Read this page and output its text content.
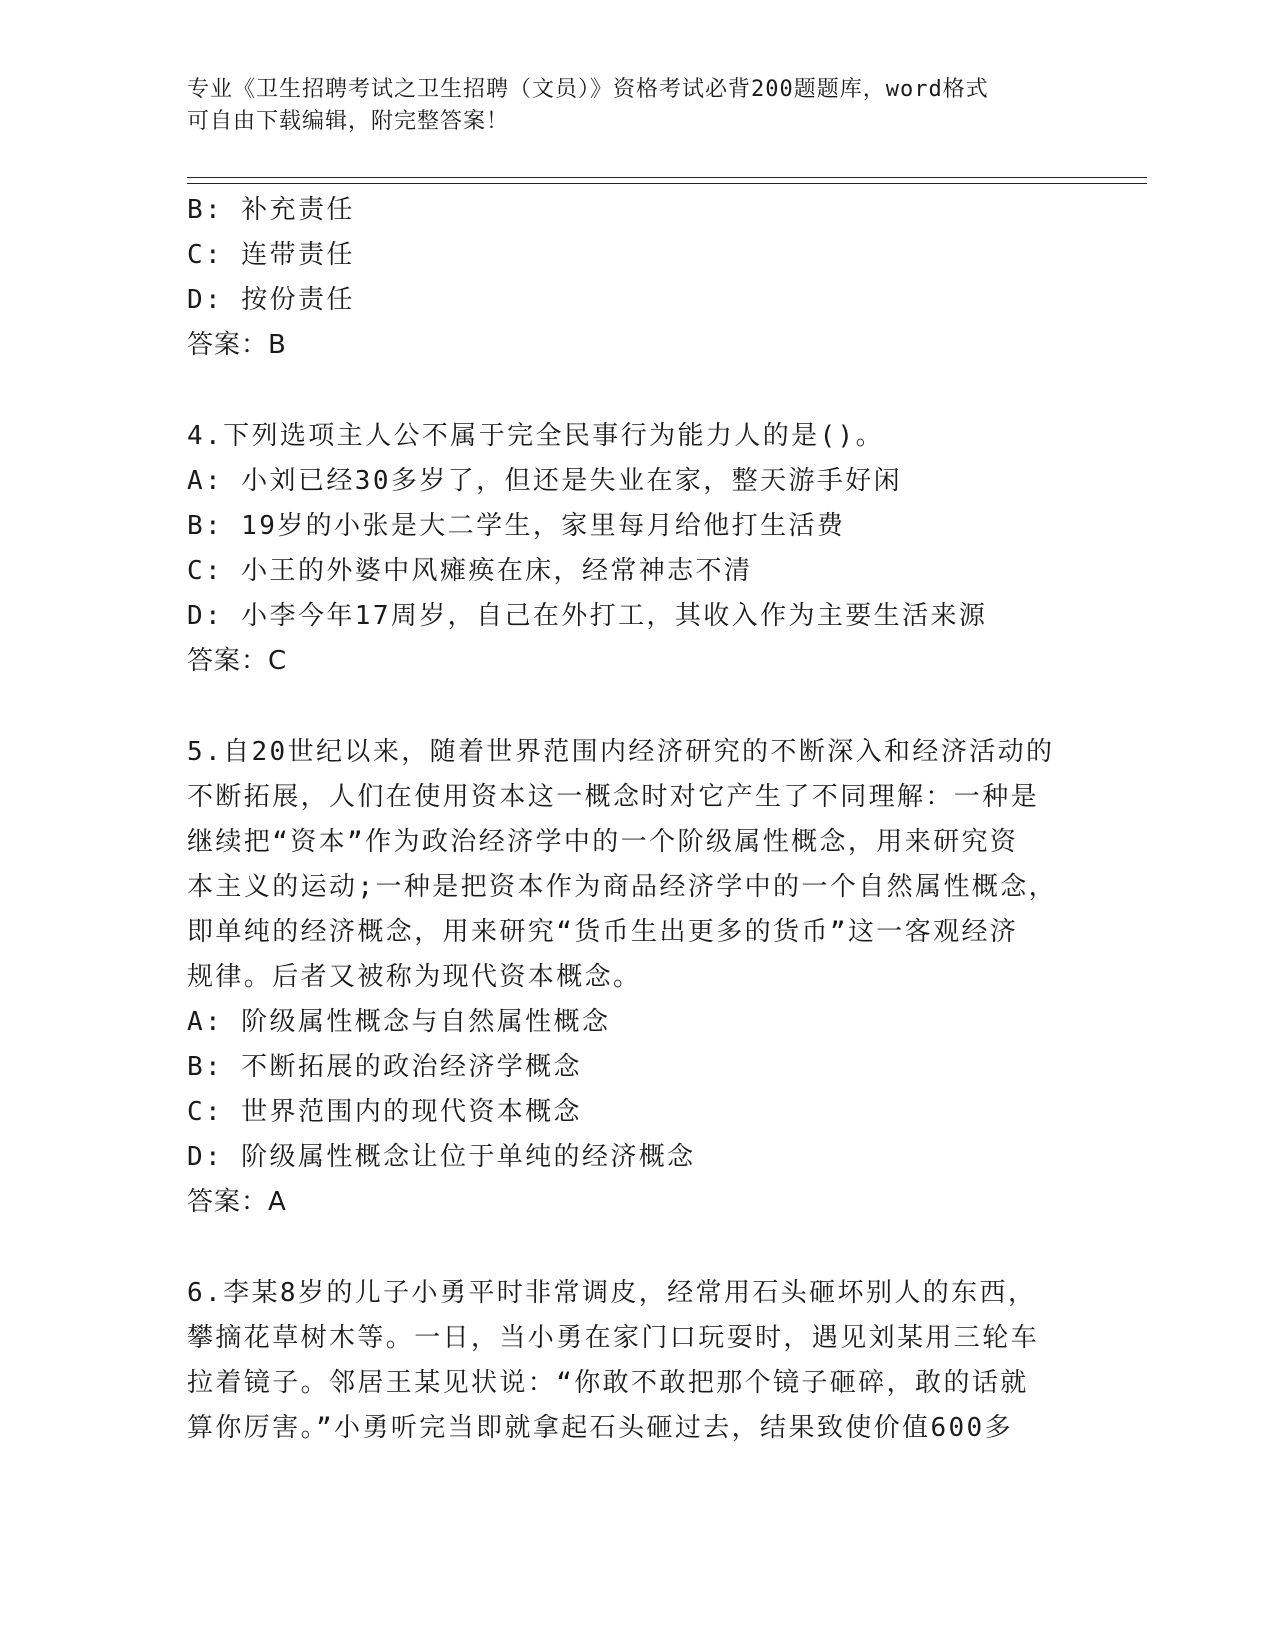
专业《卫生招聘考试之卫生招聘（文员）》资格考试必背200题题库，word格式
可自由下载编辑，附完整答案！
B: 补充责任
C: 连带责任
D: 按份责任
答案：B
4.下列选项主人公不属于完全民事行为能力人的是()。
A: 小刘已经30多岁了，但还是失业在家，整天游手好闲
B: 19岁的小张是大二学生，家里每月给他打生活费
C: 小王的外婆中风瘫痪在床，经常神志不清
D: 小李今年17周岁，自己在外打工，其收入作为主要生活来源
答案：C
5.自20世纪以来，随着世界范围内经济研究的不断深入和经济活动的
不断拓展，人们在使用资本这一概念时对它产生了不同理解：一种是
继续把“资本”作为政治经济学中的一个阶级属性概念，用来研究资
本主义的运动;一种是把资本作为商品经济学中的一个自然属性概念，
即单纯的经济概念，用来研究“货币生出更多的货币”这一客观经济
规律。后者又被称为现代资本概念。
A: 阶级属性概念与自然属性概念
B: 不断拓展的政治经济学概念
C: 世界范围内的现代资本概念
D: 阶级属性概念让位于单纯的经济概念
答案：A
6.李某8岁的儿子小勇平时非常调皮，经常用石头砸坏别人的东西，
攀摘花草树木等。一日，当小勇在家门口玩耍时，遇见刘某用三轮车
拉着镜子。邻居王某见状说：“你敢不敢把那个镜子砸碎，敢的话就
算你厉害。”小勇听完当即就拿起石头砸过去，结果致使价值600多
